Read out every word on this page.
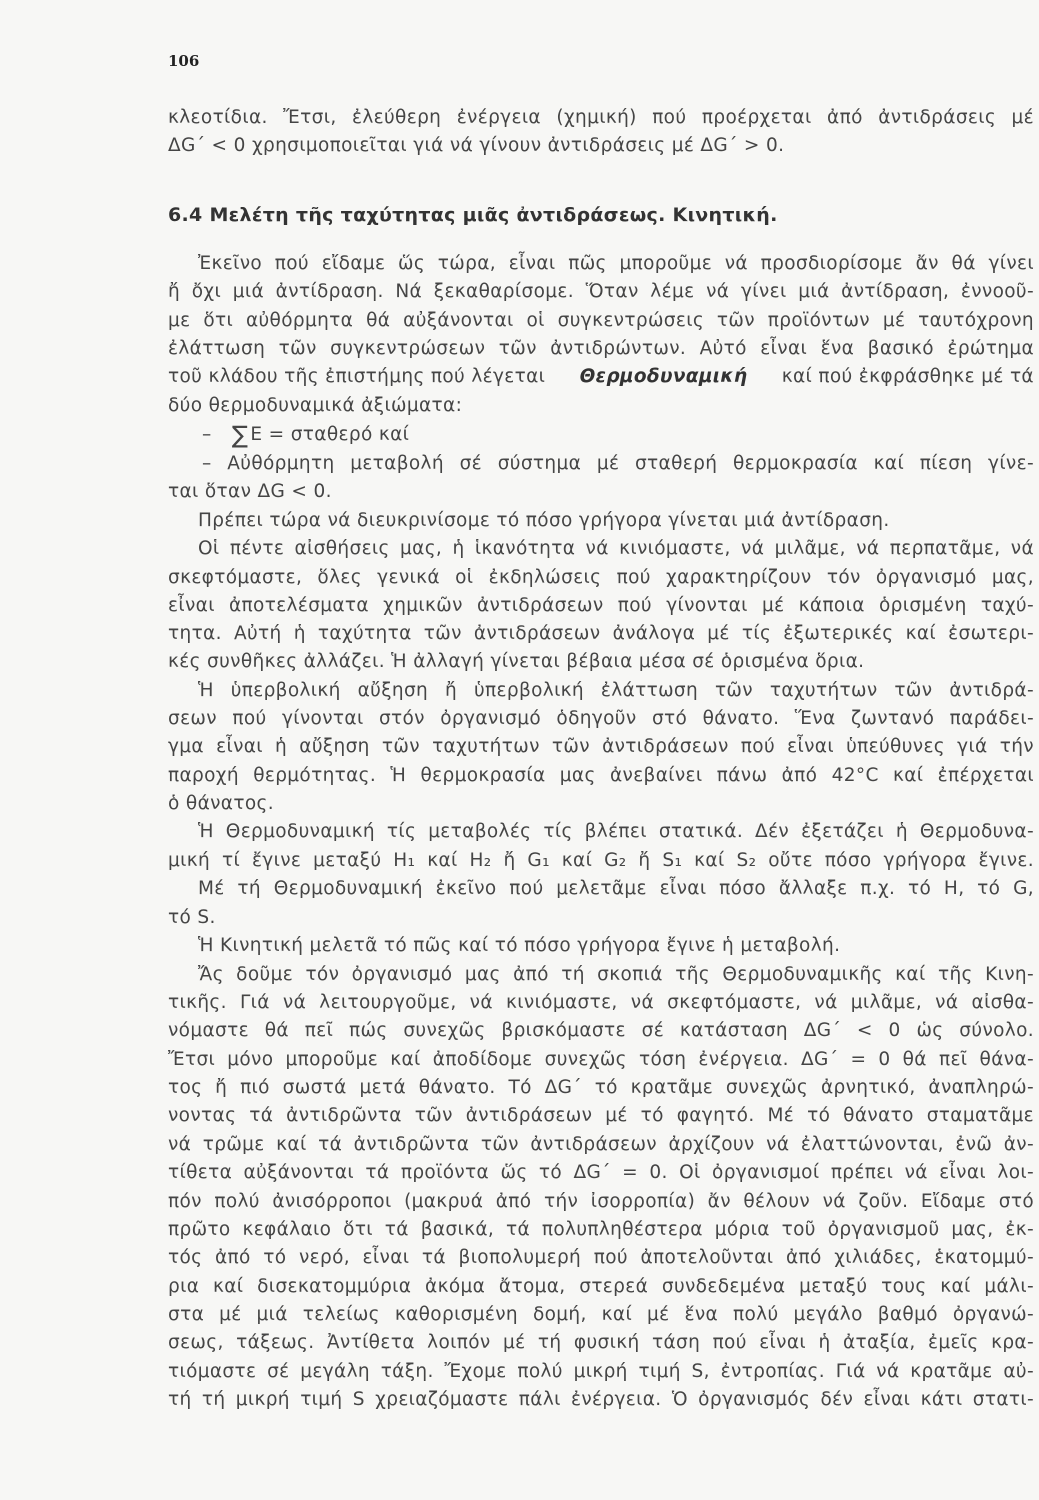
106
κλεοτίδια. Ἔτσι, ἐλεύθερη ἐνέργεια (χημική) πού προέρχεται ἀπό ἀντιδράσεις μέ
ΔG΄ < 0 χρησιμοποιεῖται γιά νά γίνουν ἀντιδράσεις μέ ΔG΄ > 0.
6.4 Μελέτη τῆς ταχύτητας μιᾶς ἀντιδράσεως. Κινητική.
Ἐκεῖνο πού εἴδαμε ὥς τώρα, εἶναι πῶς μποροῦμε νά προσδιορίσομε ἄν θά γίνει
ἤ ὄχι μιά ἀντίδραση. Νά ξεκαθαρίσομε. Ὅταν λέμε νά γίνει μιά ἀντίδραση, ἐννοοῦ-
με ὅτι αὐθόρμητα θά αὐξάνονται οἱ συγκεντρώσεις τῶν προϊόντων μέ ταυτόχρονη
ἐλάττωση τῶν συγκεντρώσεων τῶν ἀντιδρώντων. Αὐτό εἶναι ἕνα βασικό ἐρώτημα
τοῦ κλάδου τῆς ἐπιστήμης πού λέγεται Θερμοδυναμική καί πού ἐκφράσθηκε μέ τά
δύο θερμοδυναμικά ἀξιώματα:
– ∑ E = σταθερό καί
– Αὐθόρμητη μεταβολή σέ σύστημα μέ σταθερή θερμοκρασία καί πίεση γίνε-
ται ὅταν ΔG < 0.
Πρέπει τώρα νά διευκρινίσομε τό πόσο γρήγορα γίνεται μιά ἀντίδραση.
Οἱ πέντε αἰσθήσεις μας, ἡ ἱκανότητα νά κινιόμαστε, νά μιλᾶμε, νά περπατᾶμε, νά
σκεφτόμαστε, ὅλες γενικά οἱ ἐκδηλώσεις πού χαρακτηρίζουν τόν ὀργανισμό μας,
εἶναι ἀποτελέσματα χημικῶν ἀντιδράσεων πού γίνονται μέ κάποια ὁρισμένη ταχύ-
τητα. Αὐτή ἡ ταχύτητα τῶν ἀντιδράσεων ἀνάλογα μέ τίς ἐξωτερικές καί ἐσωτερι-
κές συνθῆκες ἀλλάζει. Ἡ ἀλλαγή γίνεται βέβαια μέσα σέ ὁρισμένα ὅρια.
Ἡ ὑπερβολική αὔξηση ἤ ὑπερβολική ἐλάττωση τῶν ταχυτήτων τῶν ἀντιδρά-
σεων πού γίνονται στόν ὀργανισμό ὁδηγοῦν στό θάνατο. Ἕνα ζωντανό παράδει-
γμα εἶναι ἡ αὔξηση τῶν ταχυτήτων τῶν ἀντιδράσεων πού εἶναι ὑπεύθυνες γιά τήν
παροχή θερμότητας. Ἡ θερμοκρασία μας ἀνεβαίνει πάνω ἀπό 42°C καί ἐπέρχεται
ὁ θάνατος.
Ἡ Θερμοδυναμική τίς μεταβολές τίς βλέπει στατικά. Δέν ἐξετάζει ἡ Θερμοδυνα-
μική τί ἔγινε μεταξύ H₁ καί H₂ ἤ G₁ καί G₂ ἤ S₁ καί S₂ οὔτε πόσο γρήγορα ἔγινε.
Μέ τή Θερμοδυναμική ἐκεῖνο πού μελετᾶμε εἶναι πόσο ἄλλαξε π.χ. τό H, τό G,
τό S.
Ἡ Κινητική μελετᾶ τό πῶς καί τό πόσο γρήγορα ἔγινε ἡ μεταβολή.
Ἄς δοῦμε τόν ὀργανισμό μας ἀπό τή σκοπιά τῆς Θερμοδυναμικῆς καί τῆς Κινη-
τικῆς. Γιά νά λειτουργοῦμε, νά κινιόμαστε, νά σκεφτόμαστε, νά μιλᾶμε, νά αἰσθα-
νόμαστε θά πεῖ πώς συνεχῶς βρισκόμαστε σέ κατάσταση ΔG΄ < 0 ὡς σύνολο.
Ἔτσι μόνο μποροῦμε καί ἀποδίδομε συνεχῶς τόση ἐνέργεια. ΔG΄ = 0 θά πεῖ θάνα-
τος ἤ πιό σωστά μετά θάνατο. Τό ΔG΄ τό κρατᾶμε συνεχῶς ἀρνητικό, ἀναπληρώ-
νοντας τά ἀντιδρῶντα τῶν ἀντιδράσεων μέ τό φαγητό. Μέ τό θάνατο σταματᾶμε
νά τρῶμε καί τά ἀντιδρῶντα τῶν ἀντιδράσεων ἀρχίζουν νά ἐλαττώνονται, ἐνῶ ἀν-
τίθετα αὐξάνονται τά προϊόντα ὥς τό ΔG΄ = 0. Οἱ ὀργανισμοί πρέπει νά εἶναι λοι-
πόν πολύ ἀνισόρροποι (μακρυά ἀπό τήν ἰσορροπία) ἄν θέλουν νά ζοῦν. Εἴδαμε στό
πρῶτο κεφάλαιο ὅτι τά βασικά, τά πολυπληθέστερα μόρια τοῦ ὀργανισμοῦ μας, ἐκ-
τός ἀπό τό νερό, εἶναι τά βιοπολυμερή πού ἀποτελοῦνται ἀπό χιλιάδες, ἑκατομμύ-
ρια καί δισεκατομμύρια ἀκόμα ἄτομα, στερεά συνδεδεμένα μεταξύ τους καί μάλι-
στα μέ μιά τελείως καθορισμένη δομή, καί μέ ἕνα πολύ μεγάλο βαθμό ὀργανώ-
σεως, τάξεως. Ἀντίθετα λοιπόν μέ τή φυσική τάση πού εἶναι ἡ ἀταξία, ἐμεῖς κρα-
τιόμαστε σέ μεγάλη τάξη. Ἔχομε πολύ μικρή τιμή S, ἐντροπίας. Γιά νά κρατᾶμε αὐ-
τή τή μικρή τιμή S χρειαζόμαστε πάλι ἐνέργεια. Ὁ ὀργανισμός δέν εἶναι κάτι στατι-
